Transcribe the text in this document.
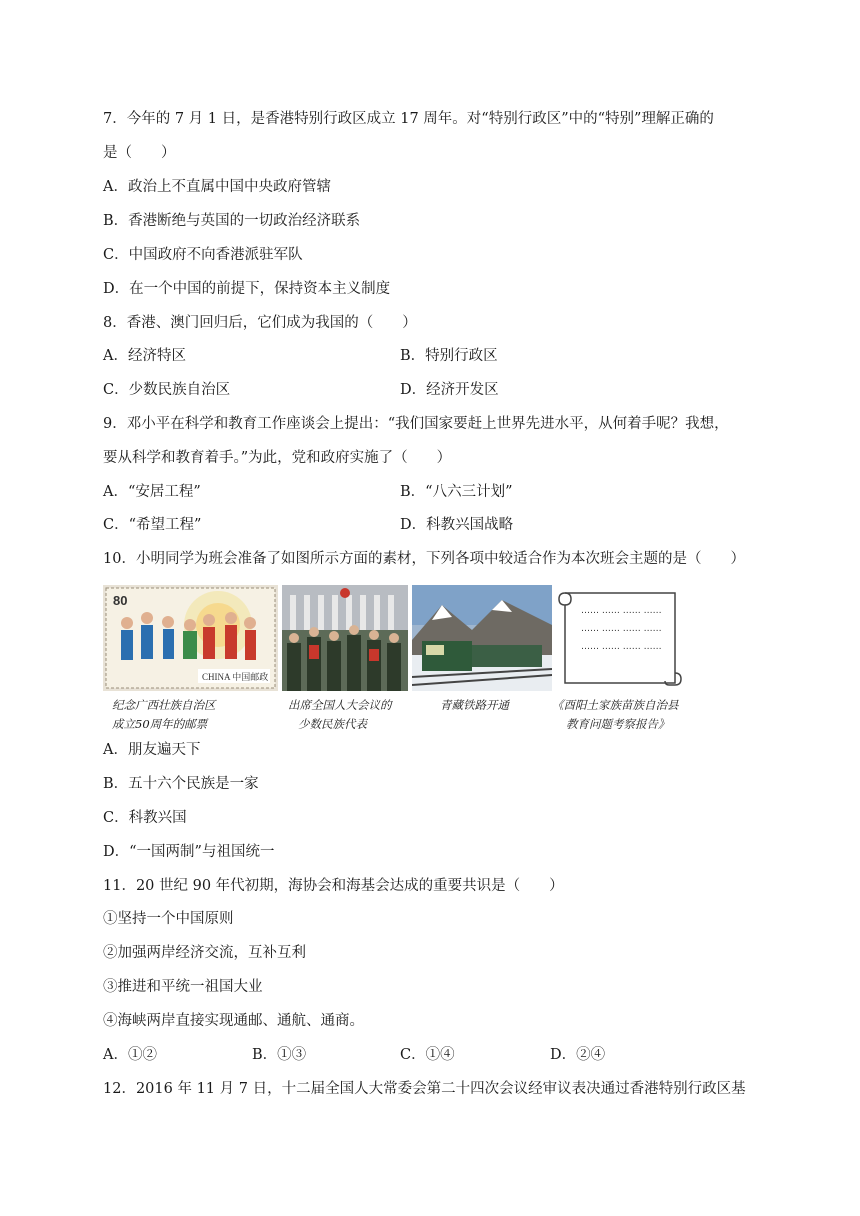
7．今年的 7 月 1 日，是香港特别行政区成立 17 周年。对“特别行政区”中的“特别”理解正确的
是（　　）
A．政治上不直属中国中央政府管辖
B．香港断绝与英国的一切政治经济联系
C．中国政府不向香港派驻军队
D．在一个中国的前提下，保持资本主义制度
8．香港、澳门回归后，它们成为我国的（　　）
A．经济特区	B．特别行政区
C．少数民族自治区	D．经济开发区
9．邓小平在科学和教育工作座谈会上提出：“我们国家要赶上世界先进水平，从何着手呢？我想，
要从科学和教育着手。”为此，党和政府实施了（　　）
A．“安居工程”	B．“八六三计划”
C．“希望工程”	D．科教兴国战略
10．小明同学为班会准备了如图所示方面的素材，下列各项中较适合作为本次班会主题的是（　　）
80
CHINA 中国邮政
纪念广西壮族自治区
成立50周年的邮票
出席全国人大会议的
少数民族代表
青藏铁路开通
…… …… …… ……
…… …… …… ……
…… …… …… ……
《酉阳土家族苗族自治县
教育问题考察报告》
A．朋友遍天下
B．五十六个民族是一家
C．科教兴国
D．“一国两制”与祖国统一
11．20 世纪 90 年代初期，海协会和海基会达成的重要共识是（　　）
①坚持一个中国原则
②加强两岸经济交流，互补互利
③推进和平统一祖国大业
④海峡两岸直接实现通邮、通航、通商。
A．①②	B．①③	C．①④	D．②④
12．2016 年 11 月 7 日，十二届全国人大常委会第二十四次会议经审议表决通过香港特别行政区基
